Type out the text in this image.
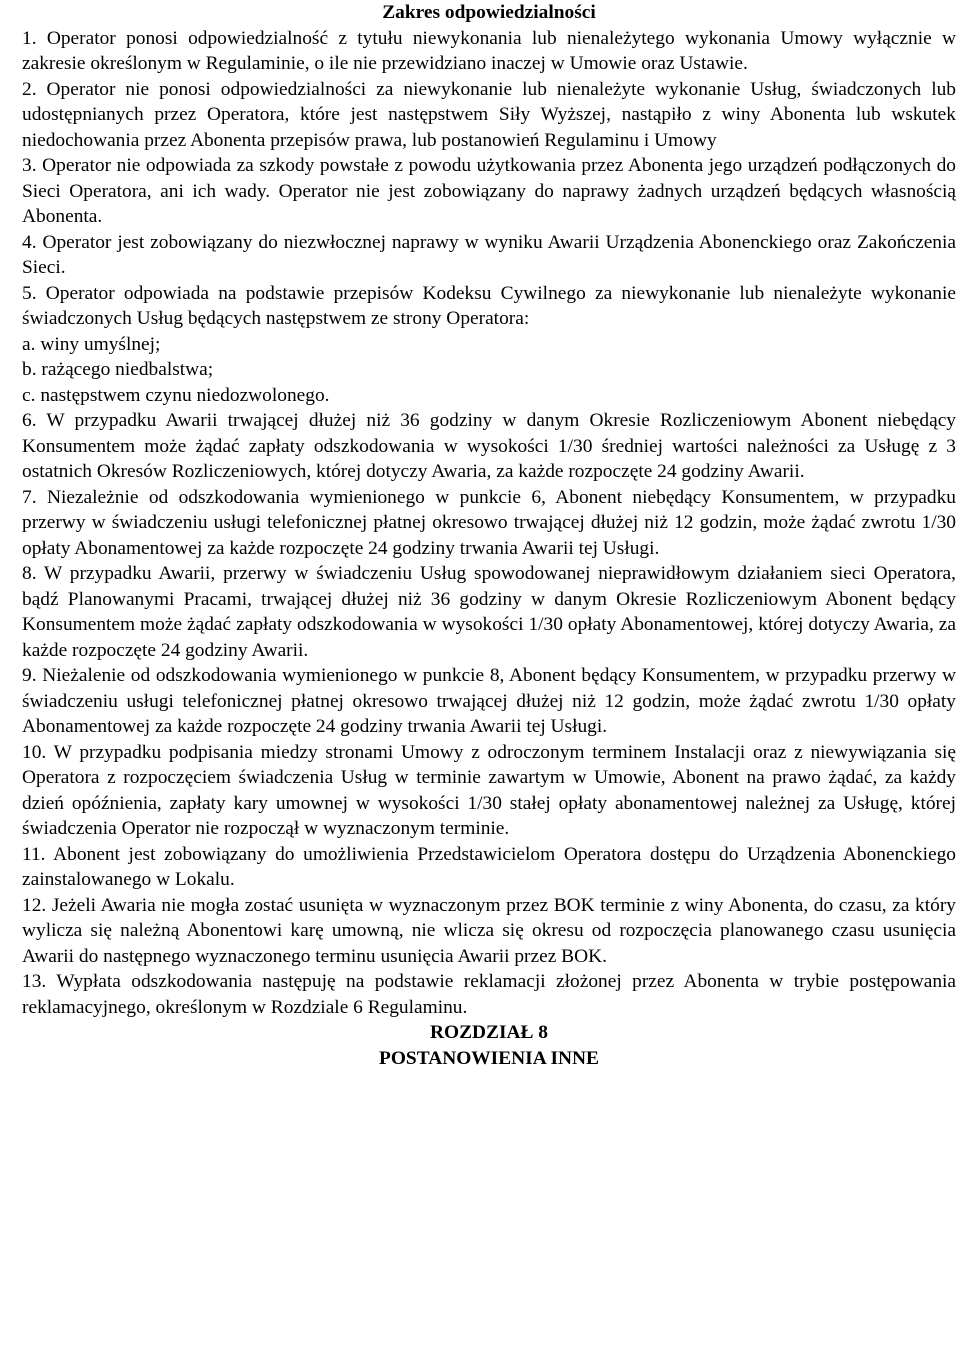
Zakres odpowiedzialności

1. Operator ponosi odpowiedzialność z tytułu niewykonania lub nienależytego wykonania Umowy wyłącznie w zakresie określonym w Regulaminie, o ile nie przewidziano inaczej w Umowie oraz Ustawie.

2. Operator nie ponosi odpowiedzialności za niewykonanie lub nienależyte wykonanie Usług, świadczonych lub udostępnianych przez Operatora, które jest następstwem Siły Wyższej, nastąpiło z winy Abonenta lub wskutek niedochowania przez Abonenta przepisów prawa, lub postanowień Regulaminu i Umowy

3. Operator nie odpowiada za szkody powstałe z powodu użytkowania przez Abonenta jego urządzeń podłączonych do Sieci Operatora, ani ich wady. Operator nie jest zobowiązany do naprawy żadnych urządzeń będących własnością Abonenta.

4. Operator jest zobowiązany do niezwłocznej naprawy w wyniku Awarii Urządzenia Abonenckiego oraz Zakończenia Sieci.

5. Operator odpowiada na podstawie przepisów Kodeksu Cywilnego za niewykonanie lub nienależyte wykonanie świadczonych Usług będących następstwem ze strony Operatora:

a. winy umyślnej;

b. rażącego niedbalstwa;

c. następstwem czynu niedozwolonego.

6. W przypadku Awarii trwającej dłużej niż 36 godziny w danym Okresie Rozliczeniowym Abonent niebędący Konsumentem może żądać zapłaty odszkodowania w wysokości 1/30 średniej wartości należności za Usługę z 3 ostatnich Okresów Rozliczeniowych, której dotyczy Awaria, za każde rozpoczęte 24 godziny Awarii.

7. Niezależnie od odszkodowania wymienionego w punkcie 6, Abonent niebędący Konsumentem, w przypadku przerwy w świadczeniu usługi telefonicznej płatnej okresowo trwającej dłużej niż 12 godzin, może żądać zwrotu 1/30 opłaty Abonamentowej za każde rozpoczęte 24 godziny trwania Awarii tej Usługi.

8. W przypadku Awarii, przerwy w świadczeniu Usług spowodowanej nieprawidłowym działaniem sieci Operatora, bądź Planowanymi Pracami, trwającej dłużej niż 36 godziny w danym Okresie Rozliczeniowym Abonent będący Konsumentem może żądać zapłaty odszkodowania w wysokości 1/30 opłaty Abonamentowej, której dotyczy Awaria, za każde rozpoczęte 24 godziny Awarii.

9. Nieżalenie od odszkodowania wymienionego w punkcie 8, Abonent będący Konsumentem, w przypadku przerwy w świadczeniu usługi telefonicznej płatnej okresowo trwającej dłużej niż 12 godzin, może żądać zwrotu 1/30 opłaty Abonamentowej za każde rozpoczęte 24 godziny trwania Awarii tej Usługi.

10. W przypadku podpisania miedzy stronami Umowy z odroczonym terminem Instalacji oraz z niewywiązania się Operatora z rozpoczęciem świadczenia Usług w terminie zawartym w Umowie, Abonent na prawo żądać, za każdy dzień opóźnienia, zapłaty kary umownej w wysokości 1/30 stałej opłaty abonamentowej należnej za Usługę, której świadczenia Operator nie rozpoczął w wyznaczonym terminie.

11. Abonent jest zobowiązany do umożliwienia Przedstawicielom Operatora dostępu do Urządzenia Abonenckiego zainstalowanego w Lokalu.

12. Jeżeli Awaria nie mogła zostać usunięta w wyznaczonym przez BOK terminie z winy Abonenta, do czasu, za który wylicza się należną Abonentowi karę umowną, nie wlicza się okresu od rozpoczęcia planowanego czasu usunięcia Awarii do następnego wyznaczonego terminu usunięcia Awarii przez BOK.

13. Wypłata odszkodowania następuję na podstawie reklamacji złożonej przez Abonenta w trybie postępowania reklamacyjnego, określonym w Rozdziale 6 Regulaminu.

ROZDZIAŁ 8

POSTANOWIENIA INNE
